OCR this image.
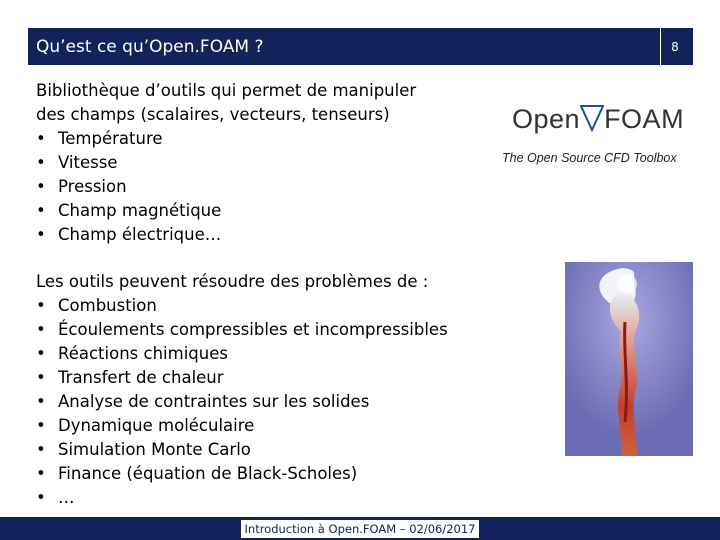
Qu’est ce qu’Open.FOAM ?	8

Bibliothèque d’outils qui permet de manipuler

des champs (scalaires, vecteurs, tenseurs)

• Température
• Vitesse
• Pression
• Champ magnétique
• Champ électrique…

Les outils peuvent résoudre des problèmes de :

• Combustion
• Écoulements compressibles et incompressibles
• Réactions chimiques
• Transfert de chaleur
• Analyse de contraintes sur les solides
• Dynamique moléculaire
• Simulation Monte Carlo
• Finance (équation de Black-Scholes)
• …
Open FOAM
The Open Source CFD Toolbox
Introduction à Open.FOAM – 02/06/2017
